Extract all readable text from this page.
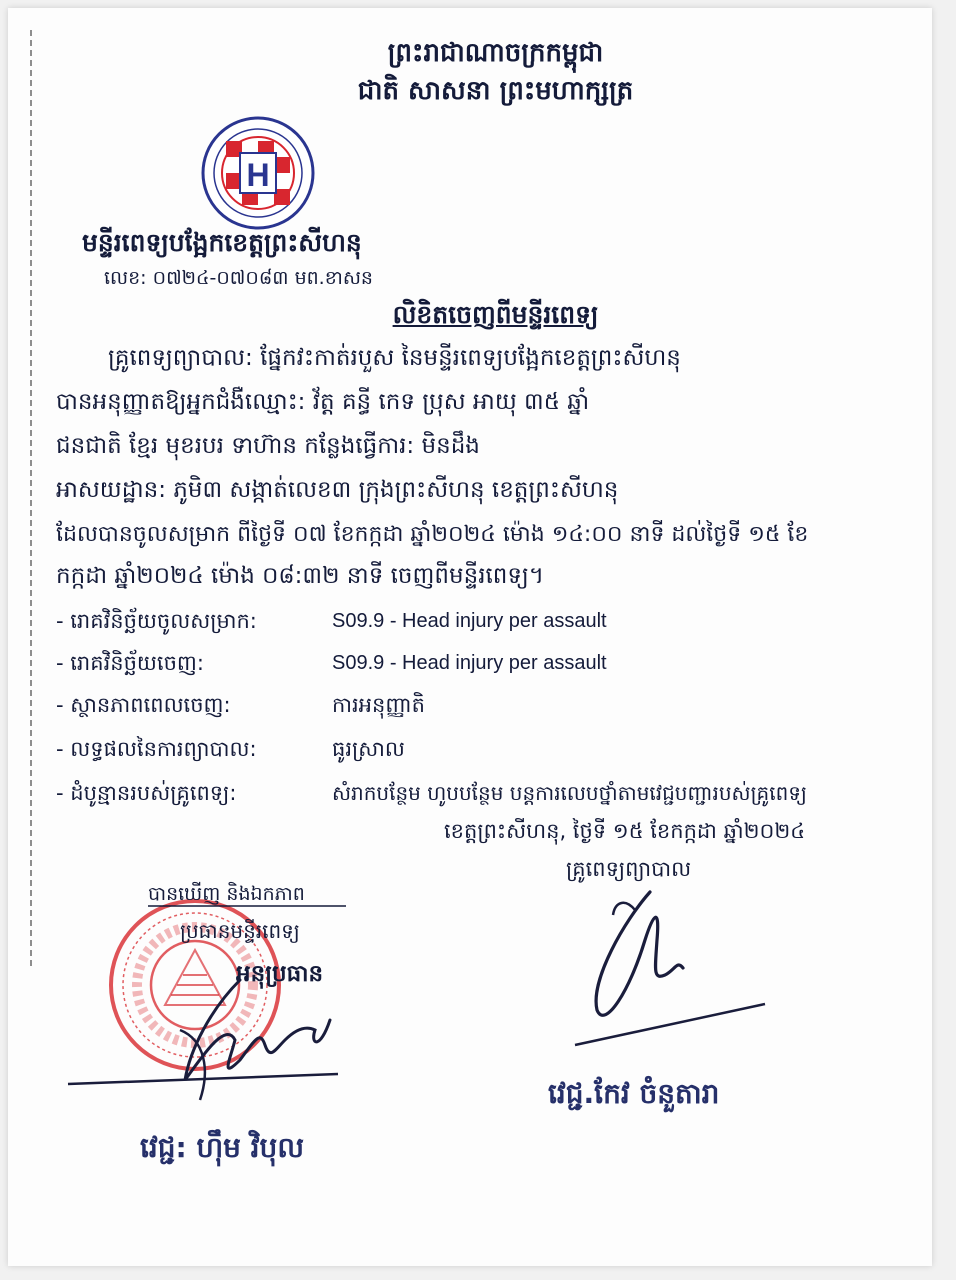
ព្រះរាជាណាចក្រកម្ពុជា
ជាតិ សាសនា ព្រះមហាក្សត្រ
H
មន្ទីរពេទ្យបង្អែកខេត្តព្រះសីហនុ
លេខ: ០៧២៤-០៧០៨៣ មព.ខាសន
លិខិតចេញពីមន្ទីរពេទ្យ
គ្រូពេទ្យព្យាបាល: ផ្នែកវះកាត់របួស នៃមន្ទីរពេទ្យបង្អែកខេត្តព្រះសីហនុ
បានអនុញ្ញាតឱ្យអ្នកជំងឺឈ្មោះ: វ័ត្ត គន្ធី កេទ ប្រុស អាយុ ៣៥ ឆ្នាំ
ជនជាតិ ខ្មែរ មុខរបរ ទាហ៊ាន កន្លែងធ្វើការ: មិនដឹង
អាសយដ្ឋាន: ភូមិ៣ សង្កាត់លេខ៣ ក្រុងព្រះសីហនុ ខេត្តព្រះសីហនុ
ដែលបានចូលសម្រាក ពីថ្ងៃទី ០៧ ខែកក្កដា ឆ្នាំ២០២៤ ម៉ោង ១៤:០០ នាទី ដល់ថ្ងៃទី ១៥ ខែ
កក្កដា ឆ្នាំ២០២៤ ម៉ោង ០៨:៣២ នាទី ចេញពីមន្ទីរពេទ្យ។
- រោគវិនិច្ឆ័យចូលសម្រាក:	S09.9 - Head injury per assault
- រោគវិនិច្ឆ័យចេញ:	S09.9 - Head injury per assault
- ស្ថានភាពពេលចេញ:	ការអនុញ្ញាតិ
- លទ្ធផលនៃការព្យាបាល:	ធូរស្រាល
- ដំបូន្មានរបស់គ្រូពេទ្យ:	សំរាកបន្ថែម ហូបបន្ថែម បន្តការលេបថ្នាំតាមវេជ្ជបញ្ជារបស់គ្រូពេទ្យ
ខេត្តព្រះសីហនុ, ថ្ងៃទី ១៥ ខែកក្កដា ឆ្នាំ២០២៤
គ្រូពេទ្យព្យាបាល
បានឃើញ និងឯកភាព
ប្រធានមន្ទីរពេទ្យ
អនុប្រធាន
វេជ្ជ: ហ៊ឹម វិបុល
វេជ្ជ.កែវ ចំនួតារា
